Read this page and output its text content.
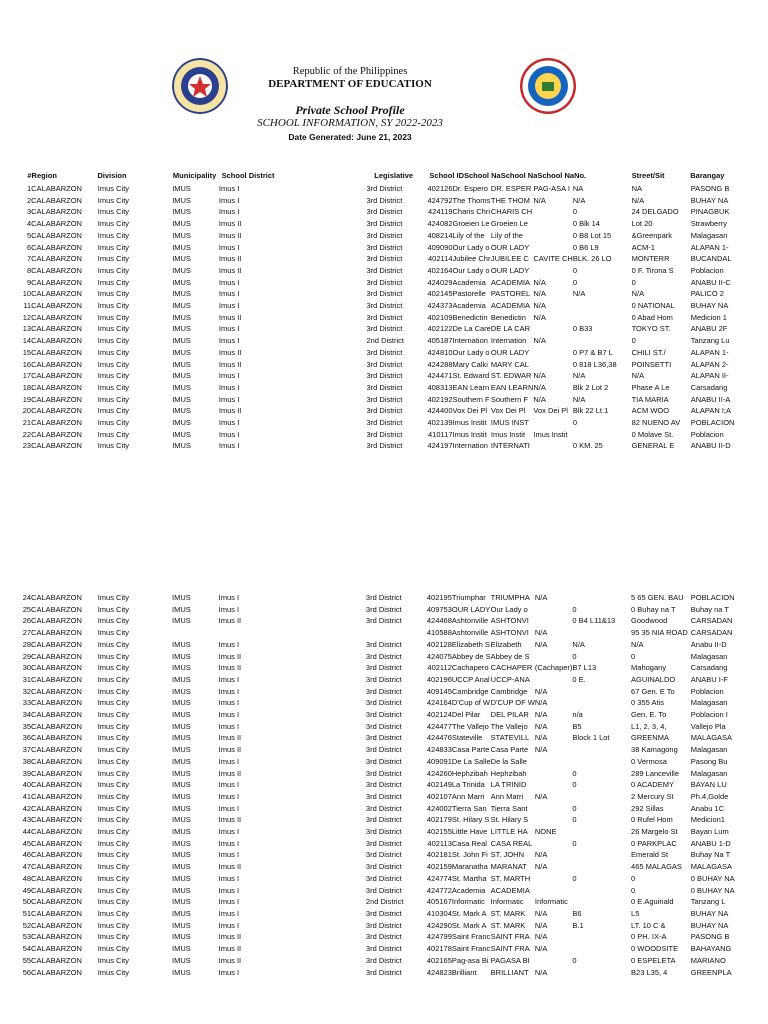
Republic of the Philippines
DEPARTMENT OF EDUCATION
Private School Profile
SCHOOL INFORMATION, SY 2022-2023
Date Generated: June 21, 2023
#	Region	Division	Municipality	School District	Legislative	School ID	School Na	School Na	School Na	No.	Street/Sit	Barangay
1	CALABARZON	Imus City	IMUS	Imus I	3rd District	402126	Dr. Espero	DR. ESPER	PAG-ASA I	NA	NA	PASONG B
2	CALABARZON	Imus City	IMUS	Imus I	3rd District	424792	The Thoms	THE THOM	N/A	N/A	N/A	BUHAY NA
3	CALABARZON	Imus City	IMUS	Imus I	3rd District	424119	Charis Chri	CHARIS CH		0	24 DELGADO	PINAGBUK
4	CALABARZON	Imus City	IMUS	Imus II	3rd District	424082	Groeien Le	Groeien Le		0 Blk 14	Lot 20	Strawberry
5	CALABARZON	Imus City	IMUS	Imus II	3rd District	408214	Lily of the	Lily of the		0 B8 Lot 15	&Greenpark	Malagasan
6	CALABARZON	Imus City	IMUS	Imus I	3rd District	409090	Our Lady o	OUR LADY		0 B6 L9	ACM-1	ALAPAN 1-
7	CALABARZON	Imus City	IMUS	Imus II	3rd District	402114	Jubilee Chr	JUBILEE C	CAVITE CH	BLK. 26 LO	MONTERR	BUCANDAL
8	CALABARZON	Imus City	IMUS	Imus II	3rd District	402164	Our Lady o	OUR LADY		0	0 F. Tirona S	Poblacion
9	CALABARZON	Imus City	IMUS	Imus I	3rd District	424029	Academia	ACADEMIA	N/A	0	0	ANABU II-C
10	CALABARZON	Imus City	IMUS	Imus I	3rd District	402145	Pastorelle	PASTOREL	N/A	N/A	N/A	PALICO 2
11	CALABARZON	Imus City	IMUS	Imus I	3rd District	424373	Academia	ACADEMIA	N/A		0 NATIONAL	BUHAY NA
12	CALABARZON	Imus City	IMUS	Imus II	3rd District	402109	Benedictin	Benedictin	N/A		0 Abad Hom	Medicion 1
13	CALABARZON	Imus City	IMUS	Imus I	3rd District	402122	De La Care	DE LA CAR		0 B33	TOKYO ST.	ANABU 2F
14	CALABARZON	Imus City	IMUS	Imus I	2nd District	405187	Internation	Internation	N/A		0	Tanzang Lu
15	CALABARZON	Imus City	IMUS	Imus II	3rd District	424810	Our Lady o	OUR LADY		0 P7 & B7 L	CHILI ST./	ALAPAN 1-
16	CALABARZON	Imus City	IMUS	Imus II	3rd District	424288	Mary Calki	MARY CAL		0 818 L36,38	POINSETTI	ALAPAN 2-
17	CALABARZON	Imus City	IMUS	Imus I	3rd District	424471	St. Edward	ST. EDWAR	N/A	N/A	N/A	ALAPAN II-
18	CALABARZON	Imus City	IMUS	Imus I	3rd District	408313	EAN Learn	EAN LEARN	N/A	Blk 2 Lot 2	Phase A Le	Carsadang
19	CALABARZON	Imus City	IMUS	Imus I	3rd District	402192	Southern F	Southern F	N/A	N/A	TIA MARIA	ANABU II-A
20	CALABARZON	Imus City	IMUS	Imus II	3rd District	424400	Vox Dei Pl	Vox Dei Pl	Vox Dei Pl	Blk 22 Lt.1	ACM WOO	ALAPAN I;A
21	CALABARZON	Imus City	IMUS	Imus I	3rd District	402139	Imus Instit	IMUS INST		0	82 NUENO AV	POBLACION
22	CALABARZON	Imus City	IMUS	Imus I	3rd District	410117	Imus Instit	Imus Instit	Imus Instit		0 Molave St.	Poblacion
23	CALABARZON	Imus City	IMUS	Imus I	3rd District	424197	Internation	INTERNATI		0 KM. 25	GENERAL E	ANABU II-D
24	CALABARZON	Imus City	IMUS	Imus I	3rd District	402195	Triumphar	TRIUMPHA	N/A		5 65 GEN. BAU	POBLACION
25	CALABARZON	Imus City	IMUS	Imus I	3rd District	409753	OUR LADY	Our Lady o		0	0 Buhay na T	Buhay na T
26	CALABARZON	Imus City	IMUS	Imus II	3rd District	424468	Ashtonville	ASHTONVI		0 B4 L11&13	Goodwood	CARSADAN
27	CALABARZON	Imus City				410588	Ashtonville	ASHTONVI	N/A		95 35 NIA ROAD	CARSADAN
28	CALABARZON	Imus City	IMUS	Imus I	3rd District	402128	Elizabeth S	Elizabeth	N/A	N/A	N/A	Anabu II-D
29	CALABARZON	Imus City	IMUS	Imus II	3rd District	424075	Abbey de S	Abbey de S		0	0	Malagasan
30	CALABARZON	Imus City	IMUS	Imus II	3rd District	402112	Cachapero	CACHAPER	(Cachaper)	B7 L13	Mahogany	Carsadang
31	CALABARZON	Imus City	IMUS	Imus I	3rd District	402196	UCCP Anal	UCCP-ANA		0 E.	AGUINALDO	ANABU I-F
32	CALABARZON	Imus City	IMUS	Imus I	3rd District	409145	Cambridge	Cambridge	N/A		67 Gen. E To	Poblacion
33	CALABARZON	Imus City	IMUS	Imus I	3rd District	424164	D'Cup of W	D'CUP OF W	N/A		0 355 Atis	Malagasan
34	CALABARZON	Imus City	IMUS	Imus I	3rd District	402124	Del Pilar	DEL PILAR	N/A	n/a	Gen. E. To	Poblacion I
35	CALABARZON	Imus City	IMUS	Imus I	3rd District	424477	The Vallejo	The Vallejo	N/A	B5	L1, 2, 3, 4,	Vallejo Pla
36	CALABARZON	Imus City	IMUS	Imus II	3rd District	424476	Stateville	STATEVILL	N/A	Block 1 Lot	GREENMA	MALAGASA
37	CALABARZON	Imus City	IMUS	Imus II	3rd District	424833	Casa Parte	Casa Parte	N/A		38 Kamagong	Malagasan
38	CALABARZON	Imus City	IMUS	Imus I	3rd District	409091	De La Salle	De la Salle			0 Vermosa	Pasong Bu
39	CALABARZON	Imus City	IMUS	Imus II	3rd District	424260	Hephzibah	Hephzibah		0	289 Lanceville	Malagasan
40	CALABARZON	Imus City	IMUS	Imus I	3rd District	402149	La Trinida	LA TRINID		0	0 ACADEMY	BAYAN LU
41	CALABARZON	Imus City	IMUS	Imus I	3rd District	402107	Ann Marri	Ann Marri	N/A		2 Mercury St	Ph.4,Golde
42	CALABARZON	Imus City	IMUS	Imus I	3rd District	424002	Tierra San	Tierra Sant		0	292 Sillas	Anabu 1C
43	CALABARZON	Imus City	IMUS	Imus II	3rd District	402179	St. Hilary S	St. Hilary S		0	0 Rufel Hom	Medicion1
44	CALABARZON	Imus City	IMUS	Imus I	3rd District	402155	Little Have	LITTLE HA	NONE		26 Margelo St	Bayan Lum
45	CALABARZON	Imus City	IMUS	Imus I	3rd District	402113	Casa Real	CASA REAL		0	0 PARKPLAC	ANABU 1-D
46	CALABARZON	Imus City	IMUS	Imus I	3rd District	402181	St. John Fi	ST. JOHN	N/A		Emerald St	Buhay Na T
47	CALABARZON	Imus City	IMUS	Imus II	3rd District	402159	Maranatha	MARANAT	N/A		465 MALAGAS	MALAGASA
48	CALABARZON	Imus City	IMUS	Imus I	3rd District	424774	St. Martha	ST. MARTH		0	0	0 BUHAY NA
49	CALABARZON	Imus City	IMUS	Imus I	3rd District	424772	Academia	ACADEMIA			0	0 BUHAY NA
50	CALABARZON	Imus City	IMUS	Imus I	2nd District	405167	Informatic	Informatic	Informatic		0 E.Aguinald	Tanzang L
51	CALABARZON	Imus City	IMUS	Imus I	3rd District	410304	St. Mark A	ST. MARK	N/A	B6	L5	BUHAY NA
52	CALABARZON	Imus City	IMUS	Imus I	3rd District	424290	St. Mark A	ST. MARK	N/A	B.1	LT. 10 C &	BUHAY NA
53	CALABARZON	Imus City	IMUS	Imus II	3rd District	424799	Saint Franc	SAINT FRA	N/A		0 PH. IX-A	PASONG B
54	CALABARZON	Imus City	IMUS	Imus II	3rd District	402178	Saint Franc	SAINT FRA	N/A		0 WOODSITE	BAHAYANG
55	CALABARZON	Imus City	IMUS	Imus II	3rd District	402165	Pag-asa Bi	PAGASA BI		0	0 ESPELETA	MARIANO
56	CALABARZON	Imus City	IMUS	Imus I	3rd District	424823	Brilliant	BRILLIANT	N/A		B23 L35, 4	GREENPLA
